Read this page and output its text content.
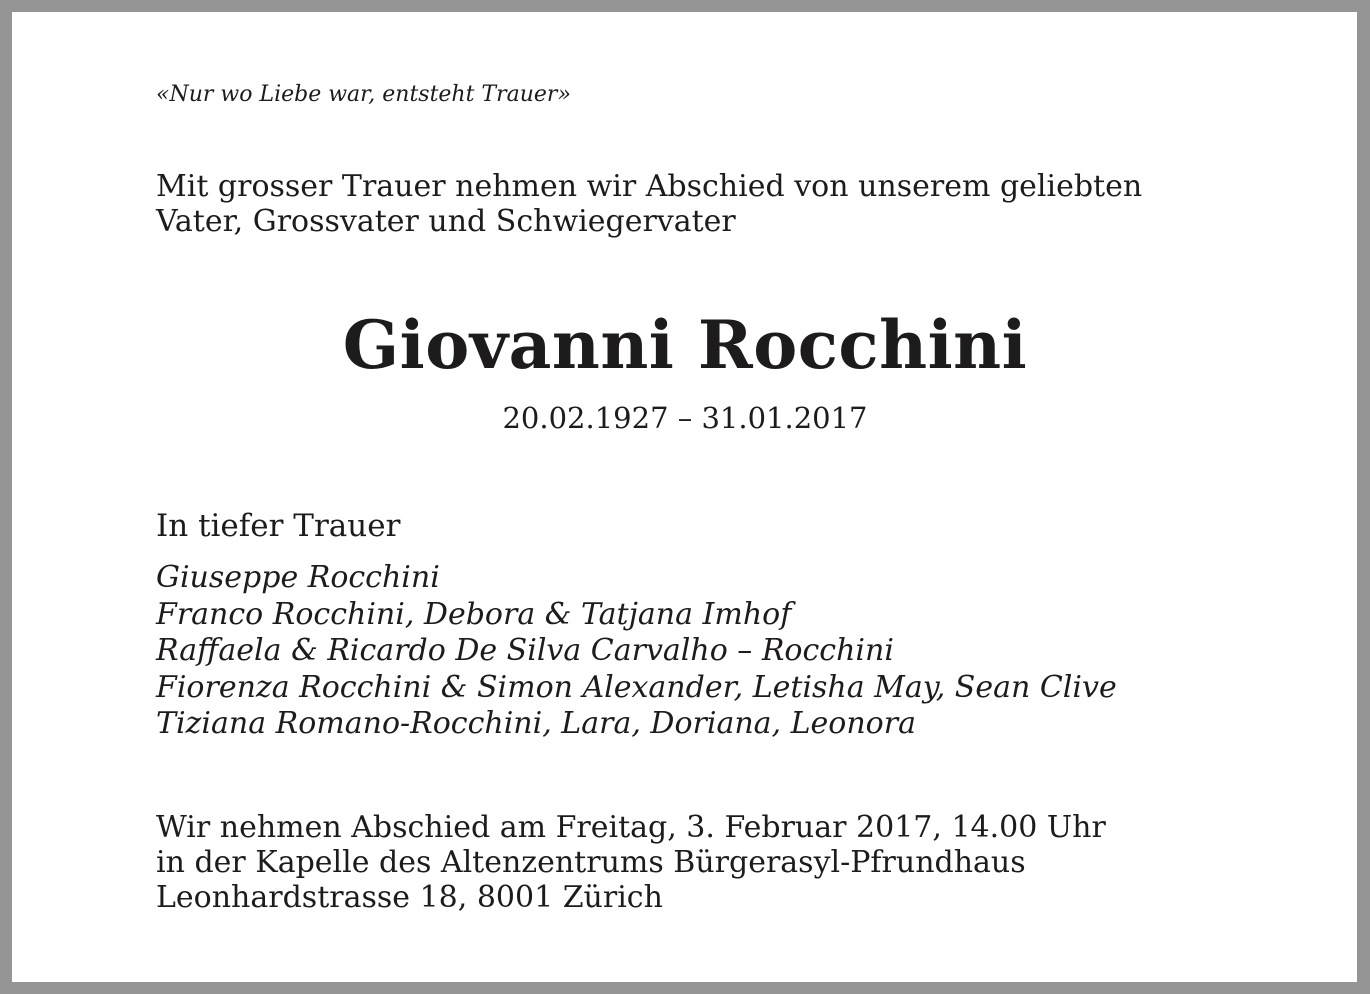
«Nur wo Liebe war, entsteht Trauer»

Mit grosser Trauer nehmen wir Abschied von unserem geliebten
Vater, Grossvater und Schwiegervater
Giovanni Rocchini

20.02.1927 – 31.01.2017

In tiefer Trauer

Giuseppe Rocchini
Franco Rocchini, Debora & Tatjana Imhof
Raffaela & Ricardo De Silva Carvalho – Rocchini
Fiorenza Rocchini & Simon Alexander, Letisha May, Sean Clive
Tiziana Romano-Rocchini, Lara, Doriana, Leonora
Wir nehmen Abschied am Freitag, 3. Februar 2017, 14.00 Uhr
in der Kapelle des Altenzentrums Bürgerasyl-Pfrundhaus
Leonhardstrasse 18, 8001 Zürich
